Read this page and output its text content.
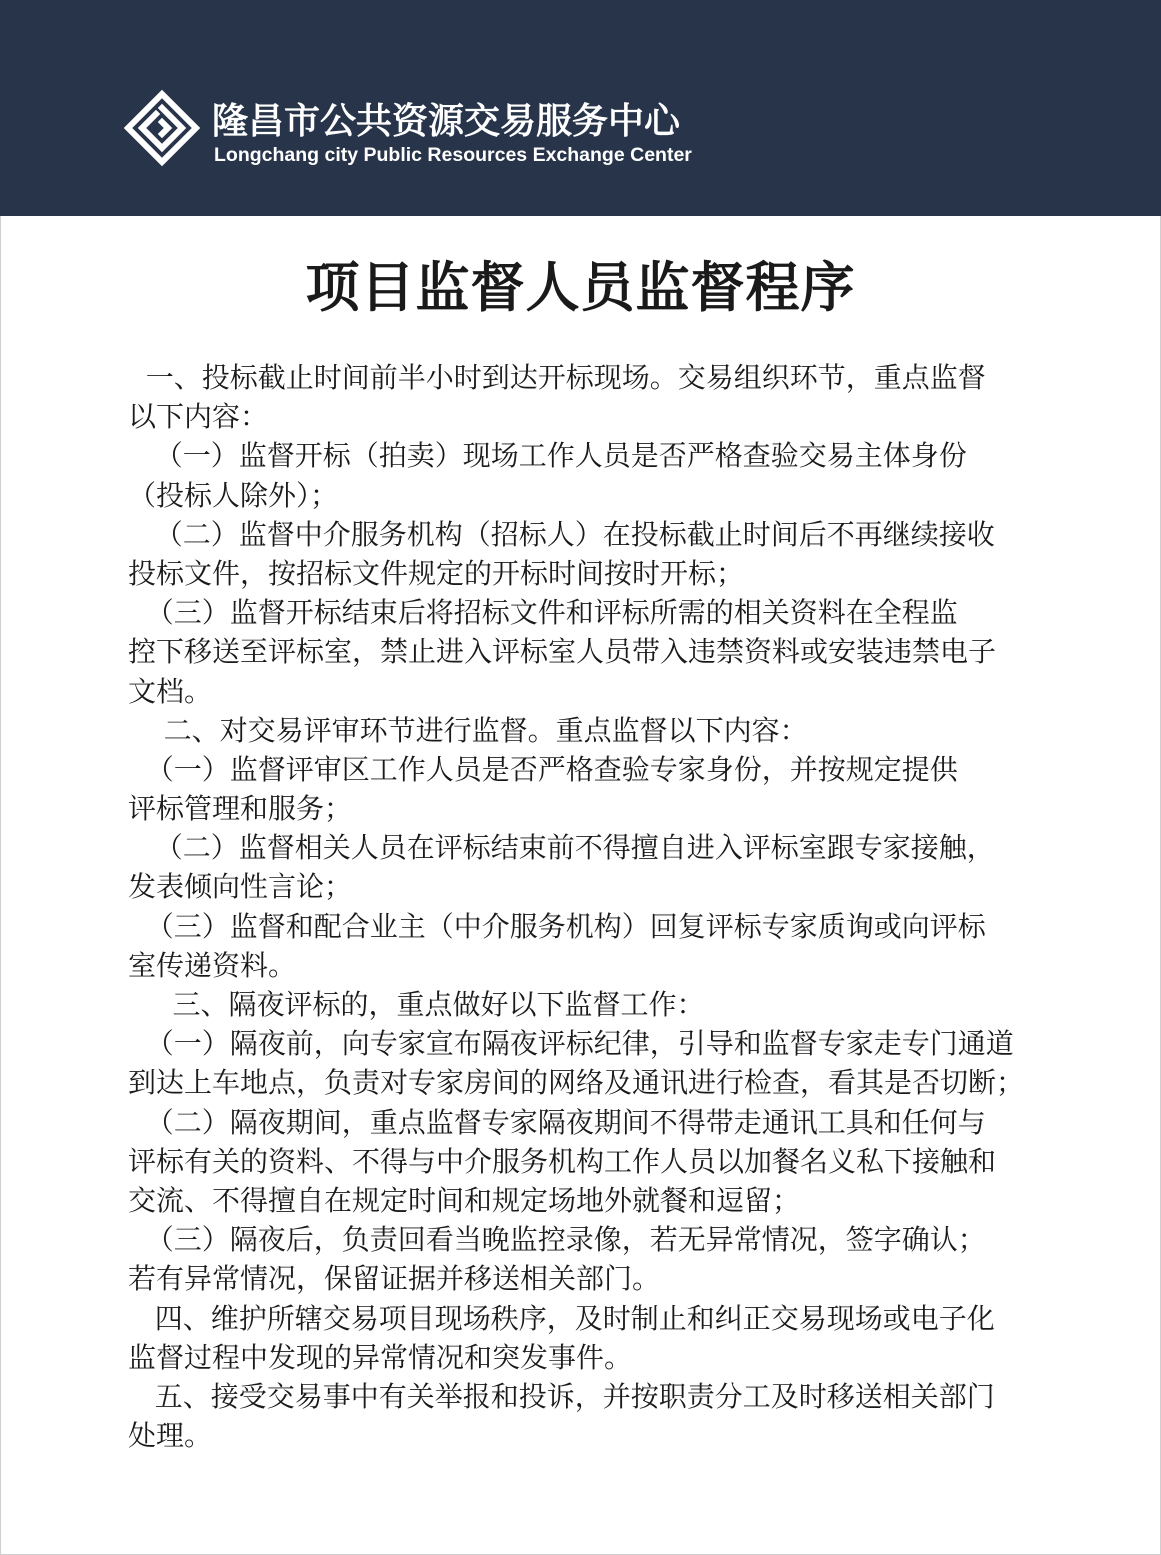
隆昌市公共资源交易服务中心
Longchang city Public Resources Exchange Center
项目监督人员监督程序
一、投标截止时间前半小时到达开标现场。交易组织环节，重点监督
以下内容：
（一）监督开标（拍卖）现场工作人员是否严格查验交易主体身份
（投标人除外）；
（二）监督中介服务机构（招标人）在投标截止时间后不再继续接收
投标文件，按招标文件规定的开标时间按时开标；
（三）监督开标结束后将招标文件和评标所需的相关资料在全程监
控下移送至评标室，禁止进入评标室人员带入违禁资料或安装违禁电子
文档。
二、对交易评审环节进行监督。重点监督以下内容：
（一）监督评审区工作人员是否严格查验专家身份，并按规定提供
评标管理和服务；
（二）监督相关人员在评标结束前不得擅自进入评标室跟专家接触，
发表倾向性言论；
（三）监督和配合业主（中介服务机构）回复评标专家质询或向评标
室传递资料。
三、隔夜评标的，重点做好以下监督工作：
（一）隔夜前，向专家宣布隔夜评标纪律，引导和监督专家走专门通道
到达上车地点，负责对专家房间的网络及通讯进行检查，看其是否切断；
（二）隔夜期间，重点监督专家隔夜期间不得带走通讯工具和任何与
评标有关的资料、不得与中介服务机构工作人员以加餐名义私下接触和
交流、不得擅自在规定时间和规定场地外就餐和逗留；
（三）隔夜后，负责回看当晚监控录像，若无异常情况，签字确认；
若有异常情况，保留证据并移送相关部门。
四、维护所辖交易项目现场秩序，及时制止和纠正交易现场或电子化
监督过程中发现的异常情况和突发事件。
五、接受交易事中有关举报和投诉，并按职责分工及时移送相关部门
处理。
